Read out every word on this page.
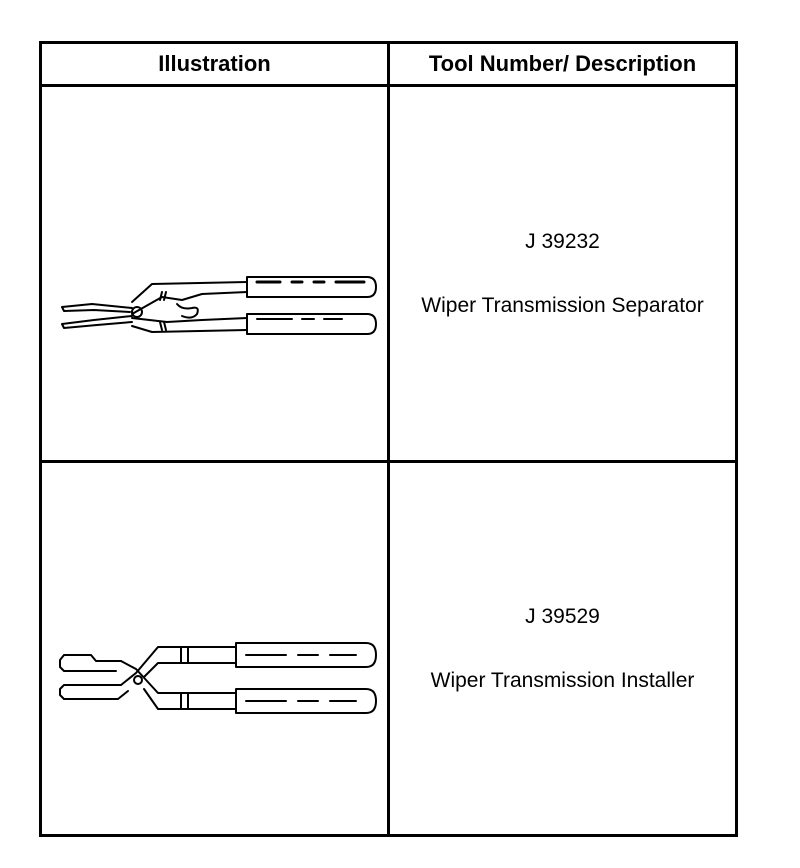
Illustration	Tool Number/ Description
J 39232
Wiper Transmission Separator
J 39529
Wiper Transmission Installer
